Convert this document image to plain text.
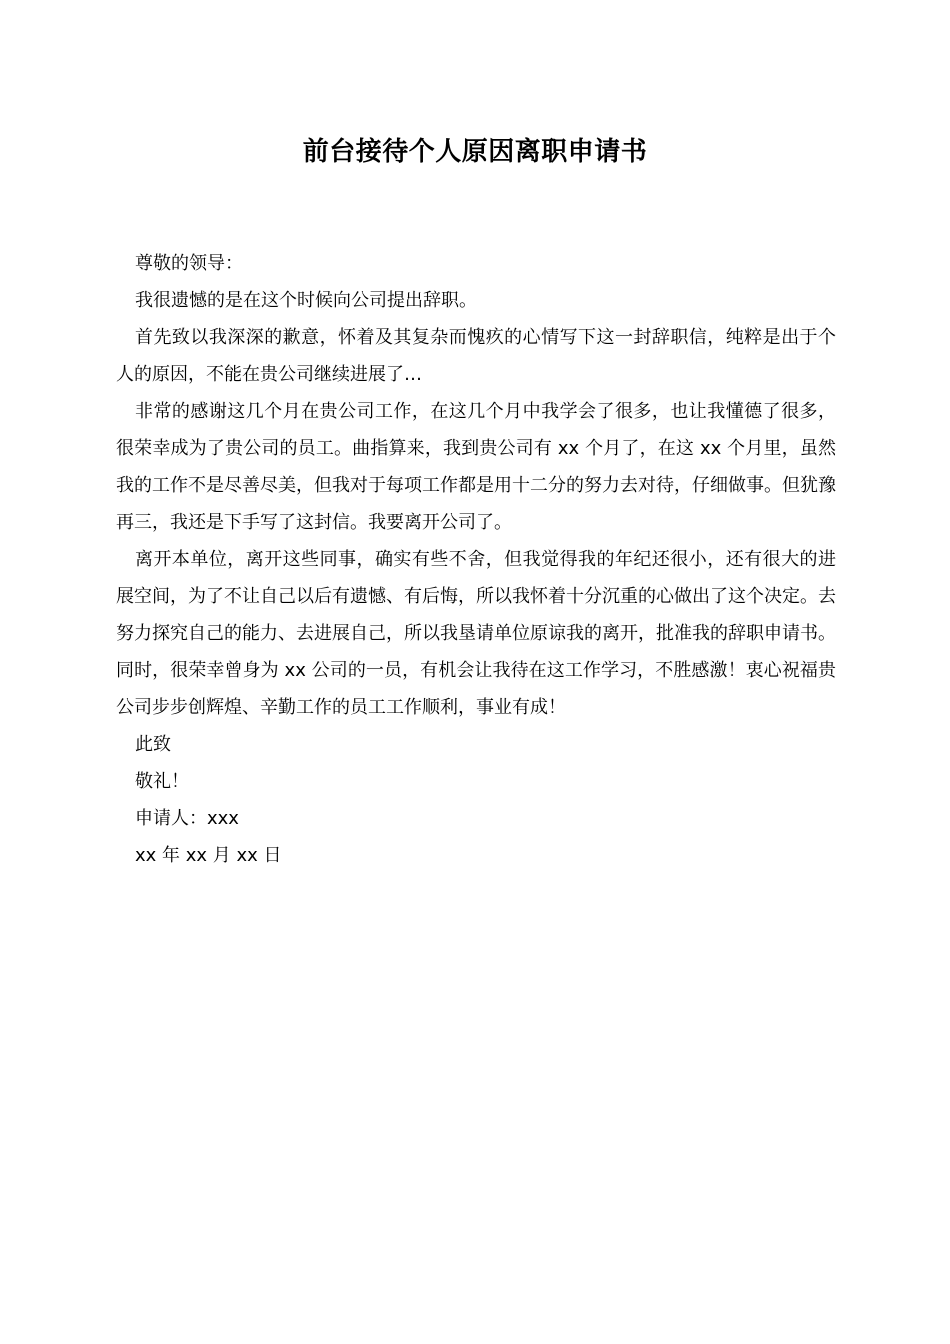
前台接待个人原因离职申请书

尊敬的领导：

我很遗憾的是在这个时候向公司提出辞职。

首先致以我深深的歉意，怀着及其复杂而愧疚的心情写下这一封辞职信，纯粹是出于个人的原因，不能在贵公司继续进展了…

非常的感谢这几个月在贵公司工作，在这几个月中我学会了很多，也让我懂德了很多，很荣幸成为了贵公司的员工。曲指算来，我到贵公司有 xx 个月了，在这 xx 个月里，虽然我的工作不是尽善尽美，但我对于每项工作都是用十二分的努力去对待，仔细做事。但犹豫再三，我还是下手写了这封信。我要离开公司了。

离开本单位，离开这些同事，确实有些不舍，但我觉得我的年纪还很小，还有很大的进展空间，为了不让自己以后有遗憾、有后悔，所以我怀着十分沉重的心做出了这个决定。去努力探究自己的能力、去进展自己，所以我垦请单位原谅我的离开，批准我的辞职申请书。同时，很荣幸曾身为 xx 公司的一员，有机会让我待在这工作学习，不胜感激！衷心祝福贵公司步步创辉煌、辛勤工作的员工工作顺利，事业有成！

此致

敬礼！

申请人：xxx

xx 年 xx 月 xx 日
